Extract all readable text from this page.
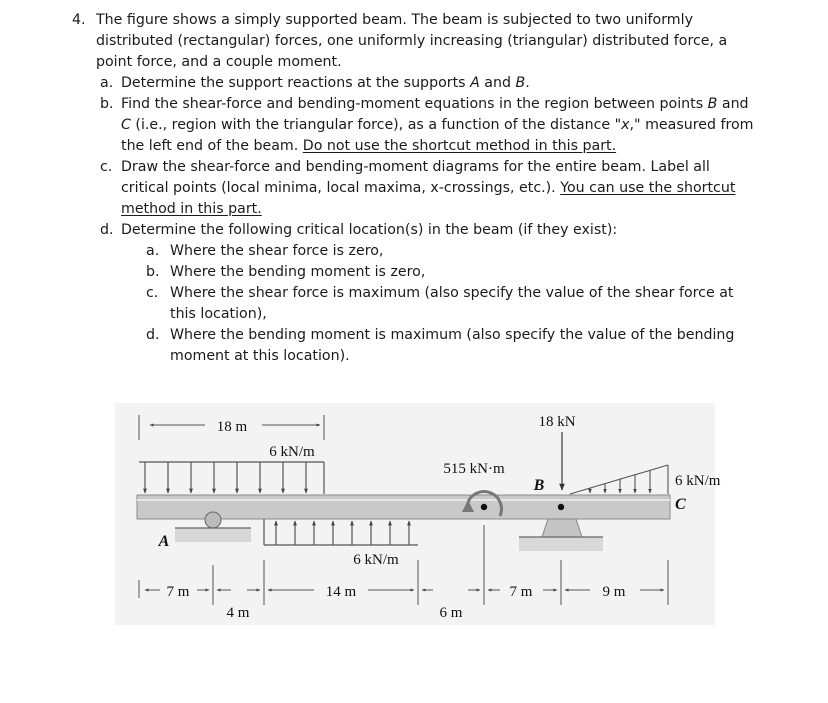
4. The figure shows a simply supported beam. The beam is subjected to two uniformly distributed (rectangular) forces, one uniformly increasing (triangular) distributed force, a point force, and a couple moment.
a. Determine the support reactions at the supports A and B.
b. Find the shear-force and bending-moment equations in the region between points B and C (i.e., region with the triangular force), as a function of the distance "x," measured from the left end of the beam. Do not use the shortcut method in this part.
c. Draw the shear-force and bending-moment diagrams for the entire beam. Label all critical points (local minima, local maxima, x-crossings, etc.). You can use the shortcut method in this part.
d. Determine the following critical location(s) in the beam (if they exist):
a. Where the shear force is zero,
b. Where the bending moment is zero,
c. Where the shear force is maximum (also specify the value of the shear force at this location),
d. Where the bending moment is maximum (also specify the value of the bending moment at this location).
18 m
6 kN/m
A
6 kN/m
515 kN·m
18 kN
B	6 kN/m
C
7 m
4 m
14 m
6 m
7 m	9 m
